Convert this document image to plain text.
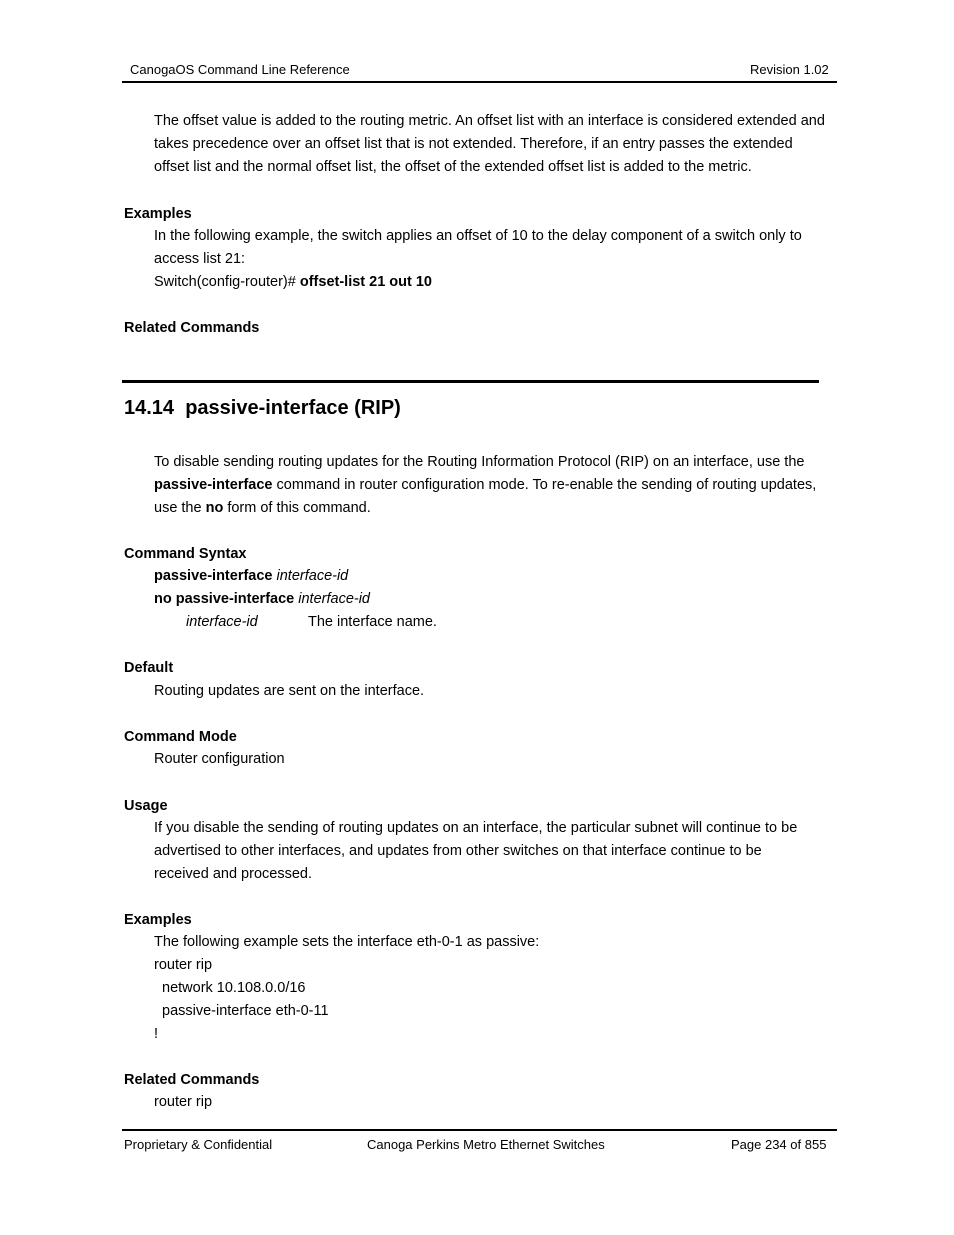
CanogaOS Command Line Reference	Revision 1.02
The offset value is added to the routing metric. An offset list with an interface is considered extended and takes precedence over an offset list that is not extended. Therefore, if an entry passes the extended offset list and the normal offset list, the offset of the extended offset list is added to the metric.
Examples
In the following example, the switch applies an offset of 10 to the delay component of a switch only to access list 21:
Switch(config-router)# offset-list 21 out 10
Related Commands
14.14 passive-interface (RIP)
To disable sending routing updates for the Routing Information Protocol (RIP) on an interface, use the passive-interface command in router configuration mode. To re-enable the sending of routing updates, use the no form of this command.
Command Syntax
passive-interface interface-id
no passive-interface interface-id
interface-id	The interface name.
Default
Routing updates are sent on the interface.
Command Mode
Router configuration
Usage
If you disable the sending of routing updates on an interface, the particular subnet will continue to be advertised to other interfaces, and updates from other switches on that interface continue to be received and processed.
Examples
The following example sets the interface eth-0-1 as passive:
router rip
network 10.108.0.0/16
passive-interface eth-0-11
!
Related Commands
router rip
Proprietary & Confidential	Canoga Perkins Metro Ethernet Switches	Page 234 of 855
